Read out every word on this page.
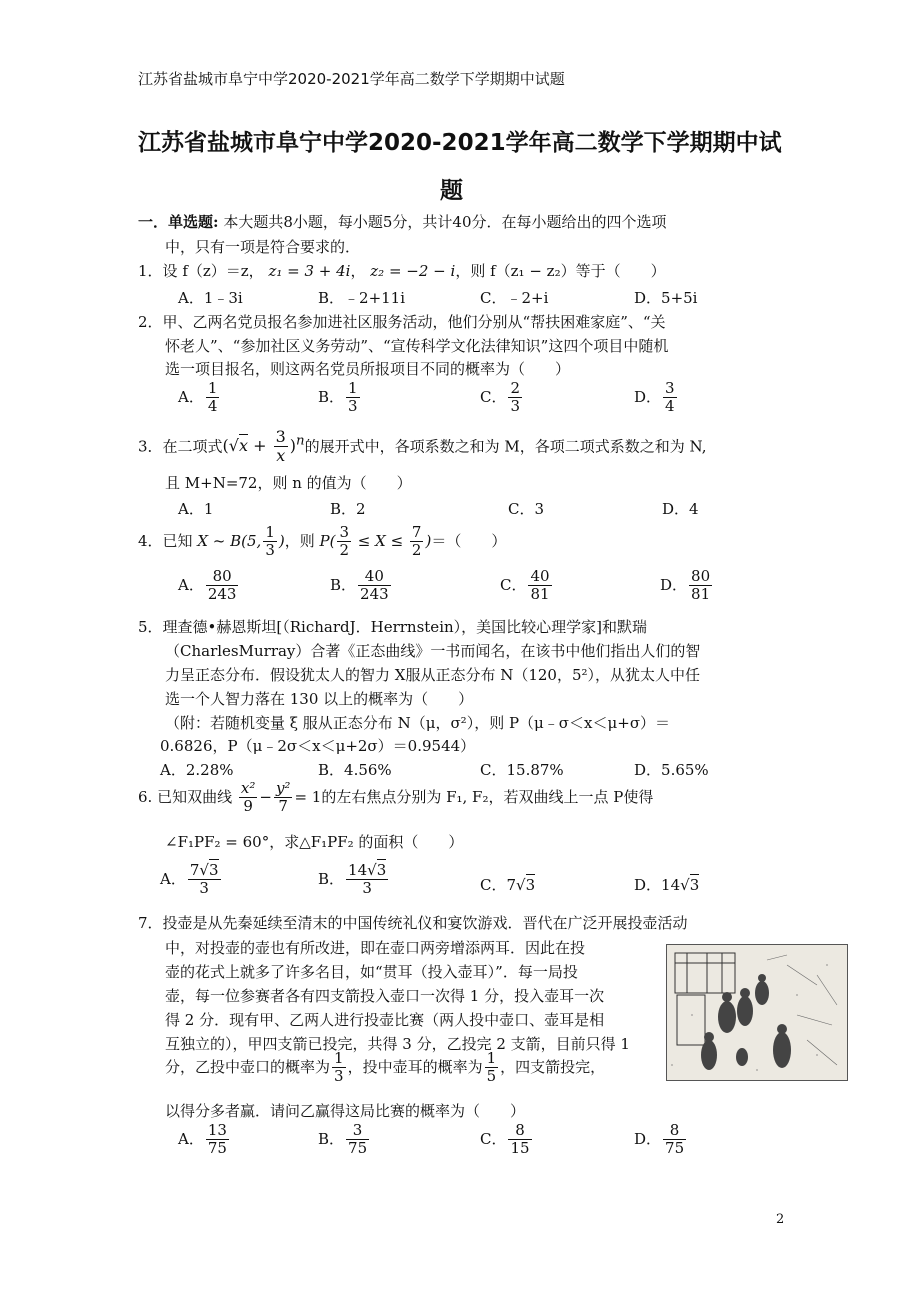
江苏省盐城市阜宁中学2020-2021学年高二数学下学期期中试题
江苏省盐城市阜宁中学2020-2021学年高二数学下学期期中试
题
一．单选题: 本大题共8小题，每小题5分，共计40分．在每小题给出的四个选项
中，只有一项是符合要求的．
1．设 f（z）＝z， z₁ = 3 + 4i， z₂ = −2 − i，则 f（z₁ − z₂）等于（　　）
A．1﹣3i	B．﹣2+11i	C．﹣2+i	D．5+5i
2．甲、乙两名党员报名参加进社区服务活动，他们分别从“帮扶困难家庭”、“关
怀老人”、“参加社区义务劳动”、“宣传科学文化法律知识”这四个项目中随机
选一项目报名，则这两名党员所报项目不同的概率为（　　）
A． $\frac{1}{4}$	B． $\frac{1}{3}$	C． $\frac{2}{3}$	D． $\frac{3}{4}$
3．在二项式$(√x + \frac{3}{x} )^n$的展开式中，各项系数之和为 M，各项二项式系数之和为 N,
且 M+N=72，则 n 的值为（　　）
A．1	B．2	C．3	D．4
4．已知 X ~ B(5, $\frac{1}{3}$ )，则 $P( \frac{3}{2} \le X \le \frac{7}{2}$ )＝（　　）
A． $\frac{80}{243}$	B． $\frac{40}{243}$	C． $\frac{40}{81}$	D． $\frac{80}{81}$
5．理查德•赫恩斯坦[（RichardJ．Herrnstein），美国比较心理学家]和默瑞
（CharlesMurray）合著《正态曲线》一书而闻名，在该书中他们指出人们的智
力呈正态分布．假设犹太人的智力 X服从正态分布 N（120，5²），从犹太人中任
选一个人智力落在 130 以上的概率为（　　）
（附：若随机变量 ξ 服从正态分布 N（μ，σ²），则 P（μ﹣σ＜x＜μ+σ）＝
0.6826，P（μ﹣2σ＜x＜μ+2σ）＝0.9544）
A．2.28%	B．4.56%	C．15.87%	D．5.65%
6. 已知双曲线 $\frac{\text{x²}}{9} - \frac{\text{y²}}{7} = 1$的左右焦点分别为 F₁, F₂，若双曲线上一点 P使得
∠F₁PF₂ = 60°，求△F₁PF₂ 的面积（　　）
A． $\frac{7√3}{3}$	B． $\frac{14√3}{3}$	C．7√3	D．14√3
7．投壶是从先秦延续至清末的中国传统礼仪和宴饮游戏．晋代在广泛开展投壶活动
中，对投壶的壶也有所改进，即在壶口两旁增添两耳．因此在投
壶的花式上就多了许多名目，如“贯耳（投入壶耳）”．每一局投
壶，每一位参赛者各有四支箭投入壶口一次得 1 分，投入壶耳一次
得 2 分．现有甲、乙两人进行投壶比赛（两人投中壶口、壶耳是相
互独立的），甲四支箭已投完，共得 3 分，乙投完 2 支箭，目前只得 1
分，乙投中壶口的概率为 $\frac{1}{3}$ ，投中壶耳的概率为 $\frac{1}{5}$ ，四支箭投完，
以得分多者赢．请问乙赢得这局比赛的概率为（　　）
A． $\frac{13}{75}$	B． $\frac{3}{75}$	C． $\frac{8}{15}$	D． $\frac{8}{75}$
2
